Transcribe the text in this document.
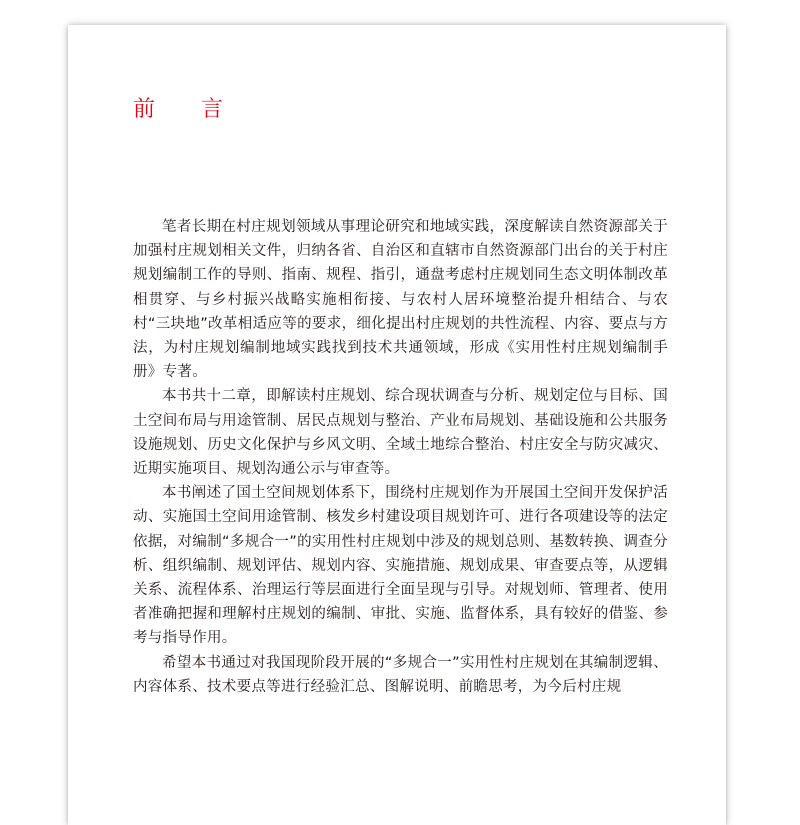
前　言

笔者长期在村庄规划领域从事理论研究和地域实践，深度解读自然资源部关于加强村庄规划相关文件，归纳各省、自治区和直辖市自然资源部门出台的关于村庄规划编制工作的导则、指南、规程、指引，通盘考虑村庄规划同生态文明体制改革相贯穿、与乡村振兴战略实施相衔接、与农村人居环境整治提升相结合、与农村“三块地”改革相适应等的要求，细化提出村庄规划的共性流程、内容、要点与方法，为村庄规划编制地域实践找到技术共通领域，形成《实用性村庄规划编制手册》专著。

本书共十二章，即解读村庄规划、综合现状调查与分析、规划定位与目标、国土空间布局与用途管制、居民点规划与整治、产业布局规划、基础设施和公共服务设施规划、历史文化保护与乡风文明、全域土地综合整治、村庄安全与防灾减灾、近期实施项目、规划沟通公示与审查等。

本书阐述了国土空间规划体系下，围绕村庄规划作为开展国土空间开发保护活动、实施国土空间用途管制、核发乡村建设项目规划许可、进行各项建设等的法定依据，对编制“多规合一”的实用性村庄规划中涉及的规划总则、基数转换、调查分析、组织编制、规划评估、规划内容、实施措施、规划成果、审查要点等，从逻辑关系、流程体系、治理运行等层面进行全面呈现与引导。对规划师、管理者、使用者准确把握和理解村庄规划的编制、审批、实施、监督体系，具有较好的借鉴、参考与指导作用。

希望本书通过对我国现阶段开展的“多规合一”实用性村庄规划在其编制逻辑、内容体系、技术要点等进行经验汇总、图解说明、前瞻思考，为今后村庄规
